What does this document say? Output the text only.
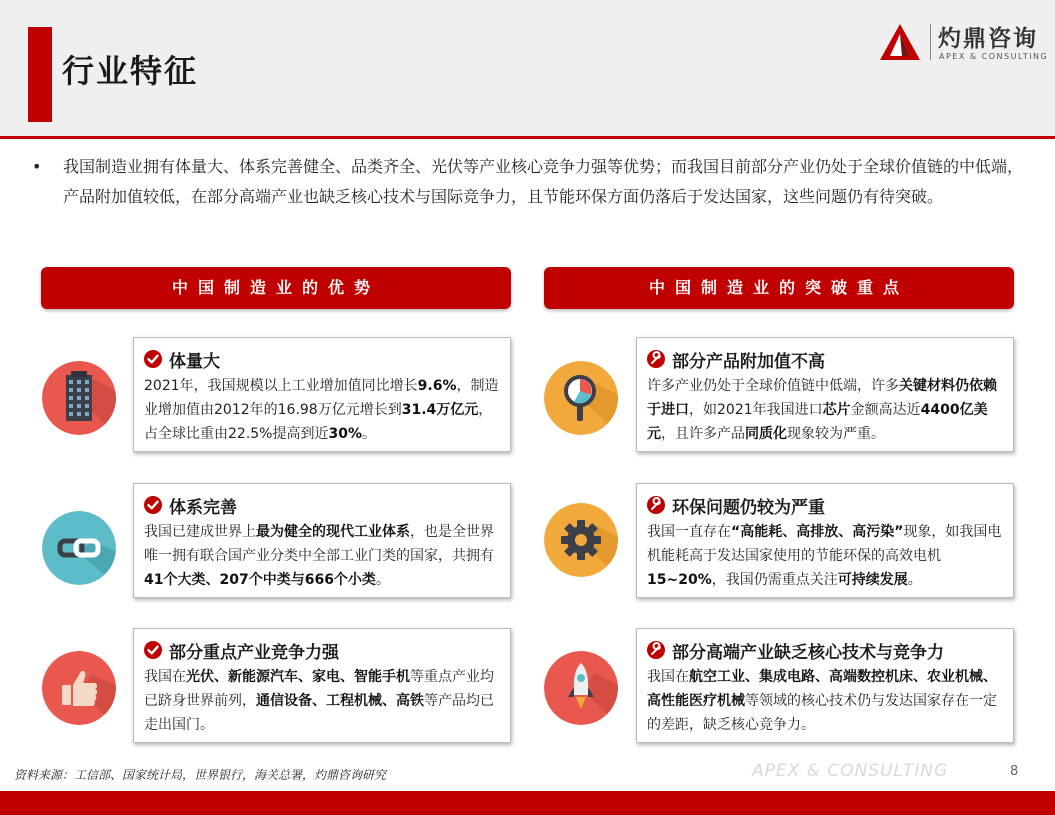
行业特征
灼鼎咨询
APEX & CONSULTING
• 我国制造业拥有体量大、体系完善健全、品类齐全、光伏等产业核心竞争力强等优势；而我国目前部分产业仍处于全球价值链的中低端，产品附加值较低，在部分高端产业也缺乏核心技术与国际竞争力，且节能环保方面仍落后于发达国家，这些问题仍有待突破。
中国制造业的优势	中国制造业的突破重点
体量大
2021年，我国规模以上工业增加值同比增长9.6%，制造业增加值由2012年的16.98万亿元增长到31.4万亿元，占全球比重由22.5%提高到近30%。
体系完善
我国已建成世界上最为健全的现代工业体系，也是全世界唯一拥有联合国产业分类中全部工业门类的国家，共拥有41个大类、207个中类与666个小类。
部分重点产业竞争力强
我国在光伏、新能源汽车、家电、智能手机等重点产业均已跻身世界前列，通信设备、工程机械、高铁等产品均已走出国门。
部分产品附加值不高
许多产业仍处于全球价值链中低端，许多关键材料仍依赖于进口，如2021年我国进口芯片金额高达近4400亿美元，且许多产品同质化现象较为严重。
环保问题仍较为严重
我国一直存在“高能耗、高排放、高污染”现象，如我国电机能耗高于发达国家使用的节能环保的高效电机15~20%，我国仍需重点关注可持续发展。
部分高端产业缺乏核心技术与竞争力
我国在航空工业、集成电路、高端数控机床、农业机械、高性能医疗机械等领域的核心技术仍与发达国家存在一定的差距，缺乏核心竞争力。
资料来源：工信部、国家统计局，世界银行，海关总署，灼鼎咨询研究	APEX & CONSULTING	8
